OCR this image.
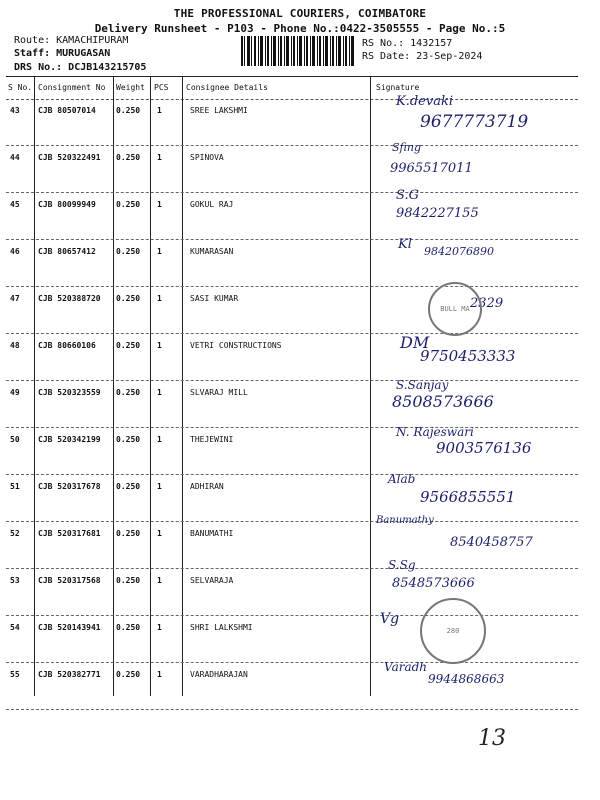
THE PROFESSIONAL COURIERS, COIMBATORE
Delivery Runsheet - P103 - Phone No.:0422-3505555 - Page No.:5
Route: KAMACHIPURAM
Staff: MURUGASAN
DRS No.: DCJB143215705
RS No.: 1432157
RS Date: 23-Sep-2024
S No. Consignment No Weight PCS Consignee Details	Signature
43 CJB 80507014	0.250 1	SREE LAKSHMI
44 CJB 520322491 0.250 1	SPINOVA
45 CJB 80099949	0.250 1	GOKUL RAJ
46 CJB 80657412	0.250 1	KUMARASAN
47 CJB 520388720 0.250 1	SASI KUMAR
48 CJB 80660106	0.250 1	VETRI CONSTRUCTIONS
49 CJB 520323559 0.250 1	SLVARAJ MILL
50 CJB 520342199 0.250 1	THEJEWINI
51 CJB 520317678 0.250 1	ADHIRAN
52 CJB 520317681 0.250 1	BANUMATHI
53 CJB 520317568 0.250 1	SELVARAJA
54 CJB 520143941 0.250 1	SHRI LALKSHMI
55 CJB 520382771 0.250 1	VARADHARAJAN
K.devaki
9677773719
Sfing
9965517011
S.G
9842227155
Kl 9842076890
2329
DM
9750453333
S.Sanjay
8508573666
N. Rajeswari
9003576136
Alab
9566855551
Banumathy
8540458757
S.Sg
8548573666
Vg
Varadh
9944868663
BULL MA
280
13
